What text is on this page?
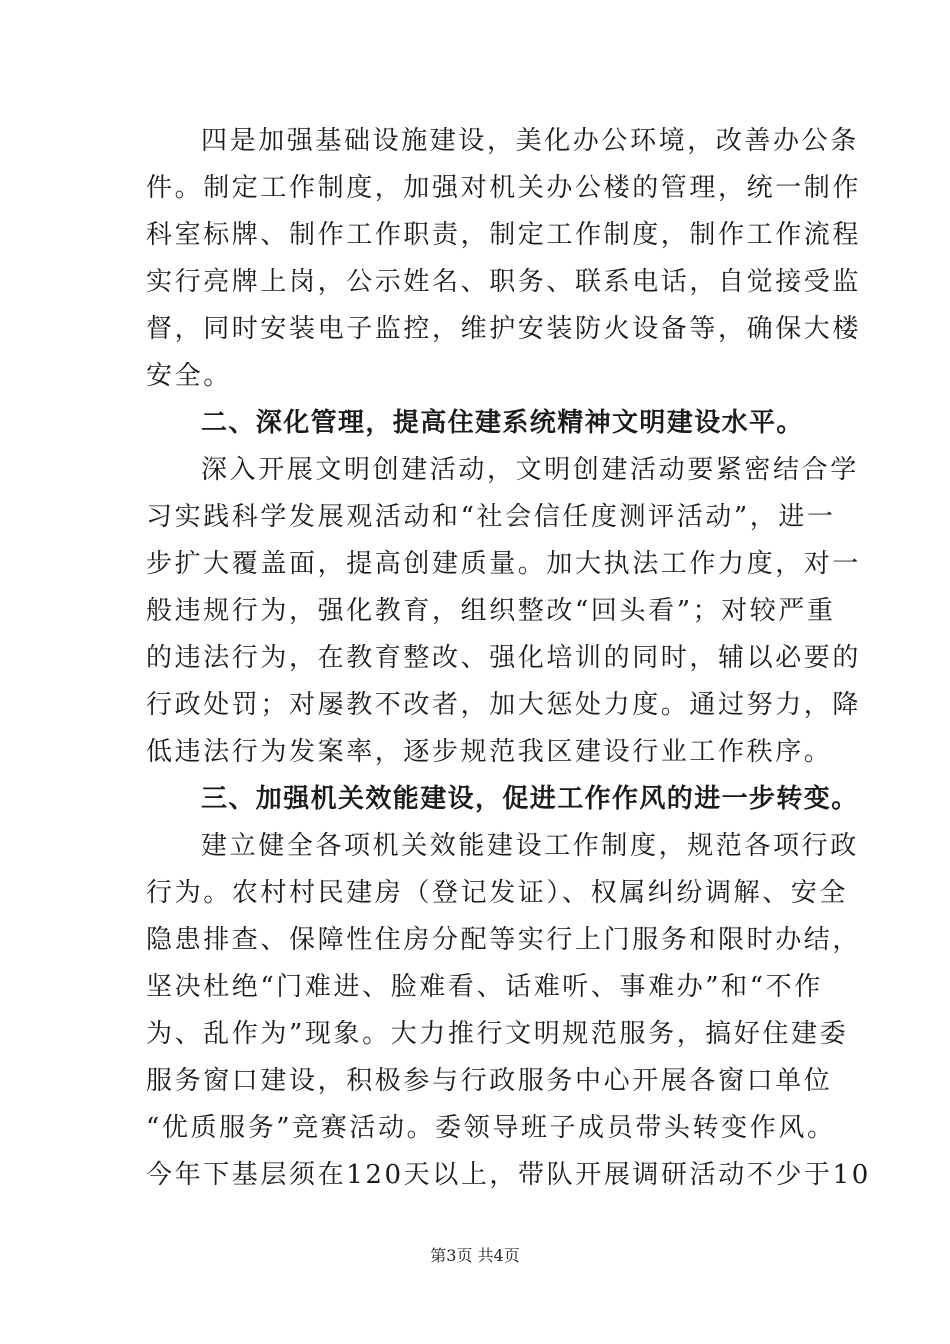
四是加强基础设施建设，美化办公环境，改善办公条
件。制定工作制度，加强对机关办公楼的管理，统一制作
科室标牌、制作工作职责，制定工作制度，制作工作流程
实行亮牌上岗，公示姓名、职务、联系电话，自觉接受监
督，同时安装电子监控，维护安装防火设备等，确保大楼
安全。
二、深化管理，提高住建系统精神文明建设水平。
深入开展文明创建活动，文明创建活动要紧密结合学
习实践科学发展观活动和“社会信任度测评活动”，进一
步扩大覆盖面，提高创建质量。加大执法工作力度，对一
般违规行为，强化教育，组织整改“回头看”；对较严重
的违法行为，在教育整改、强化培训的同时，辅以必要的
行政处罚；对屡教不改者，加大惩处力度。通过努力，降
低违法行为发案率，逐步规范我区建设行业工作秩序。
三、加强机关效能建设，促进工作作风的进一步转变。
建立健全各项机关效能建设工作制度，规范各项行政
行为。农村村民建房（登记发证）、权属纠纷调解、安全
隐患排查、保障性住房分配等实行上门服务和限时办结，
坚决杜绝“门难进、脸难看、话难听、事难办”和“不作
为、乱作为”现象。大力推行文明规范服务，搞好住建委
服务窗口建设，积极参与行政服务中心开展各窗口单位
“优质服务”竞赛活动。委领导班子成员带头转变作风。
今年下基层须在120天以上，带队开展调研活动不少于10
第3页 共4页
